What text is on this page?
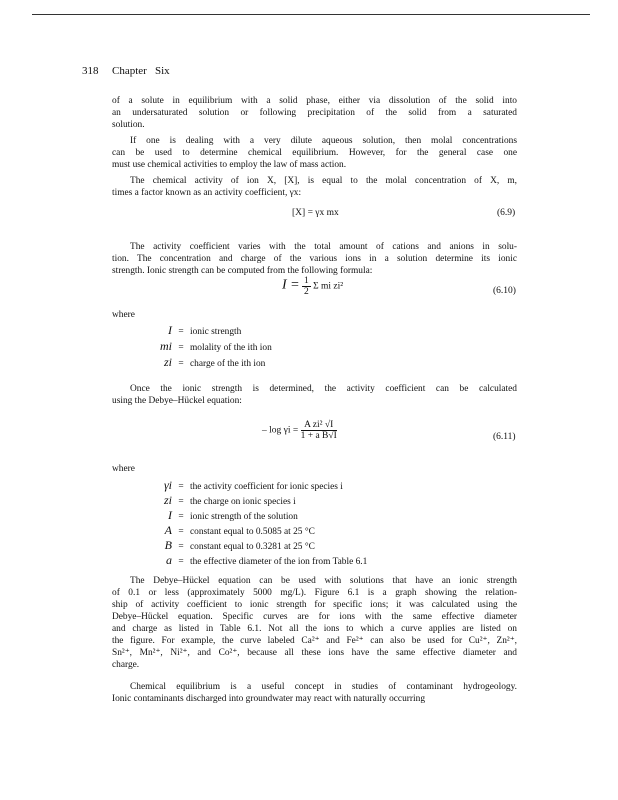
318 Chapter Six
of a solute in equilibrium with a solid phase, either via dissolution of the solid into
an undersaturated solution or following precipitation of the solid from a saturated
solution.
If one is dealing with a very dilute aqueous solution, then molal concentrations
can be used to determine chemical equilibrium. However, for the general case one
must use chemical activities to employ the law of mass action.
The chemical activity of ion X, [X], is equal to the molal concentration of X, m,
times a factor known as an activity coefficient, γx:
The activity coefficient varies with the total amount of cations and anions in solu-
tion. The concentration and charge of the various ions in a solution determine its ionic
strength. Ionic strength can be computed from the following formula:
Once the ionic strength is determined, the activity coefficient can be calculated
using the Debye–Hückel equation:
The Debye–Hückel equation can be used with solutions that have an ionic strength
of 0.1 or less (approximately 5000 mg/L). Figure 6.1 is a graph showing the relation-
ship of activity coefficient to ionic strength for specific ions; it was calculated using the
Debye–Hückel equation. Specific curves are for ions with the same effective diameter
and charge as listed in Table 6.1. Not all the ions to which a curve applies are listed on
the figure. For example, the curve labeled Ca²⁺ and Fe²⁺ can also be used for Cu²⁺, Zn²⁺,
Sn²⁺, Mn²⁺, Ni²⁺, and Co²⁺, because all these ions have the same effective diameter and
charge.
Chemical equilibrium is a useful concept in studies of contaminant hydrogeology.
Ionic contaminants discharged into groundwater may react with naturally occurring
[X] = γx mx	(6.9)
$I = \frac{1}{2}$ Σ mi zi²	(6.10)
where
I = ionic strength
mi = molality of the ith ion
zi = charge of the ith ion
– $\log \gamma i = \frac{\text{A zi² √I}}{\text{1 + a B√I}}$	(6.11)
where
γi = the activity coefficient for ionic species i
zi = the charge on ionic species i
I = ionic strength of the solution
A = constant equal to 0.5085 at 25 °C
B = constant equal to 0.3281 at 25 °C
a = the effective diameter of the ion from Table 6.1
